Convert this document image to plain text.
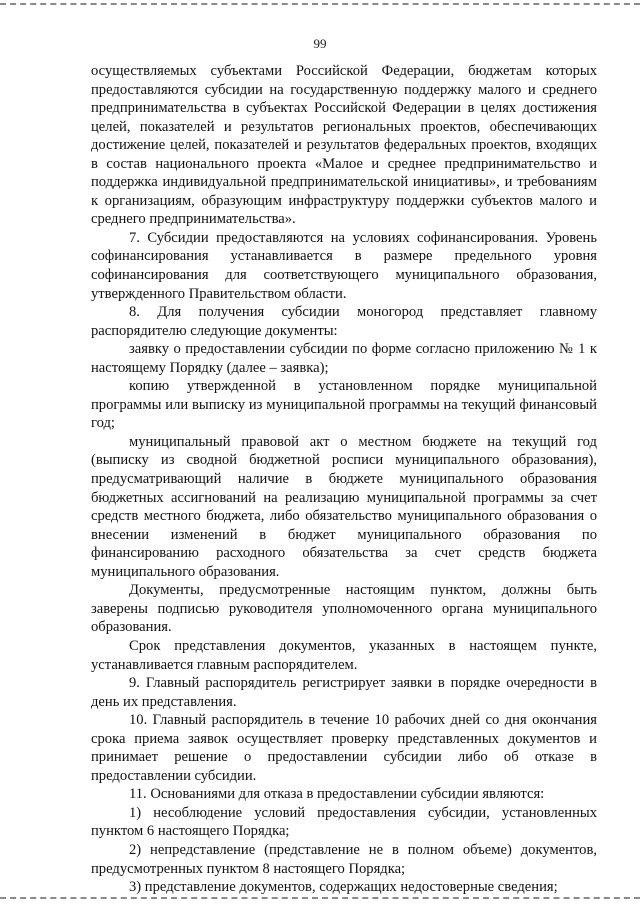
99

осуществляемых субъектами Российской Федерации, бюджетам которых предоставляются субсидии на государственную поддержку малого и среднего предпринимательства в субъектах Российской Федерации в целях достижения целей, показателей и результатов региональных проектов, обеспечивающих достижение целей, показателей и результатов федеральных проектов, входящих в состав национального проекта «Малое и среднее предпринимательство и поддержка индивидуальной предпринимательской инициативы», и требованиям к организациям, образующим инфраструктуру поддержки субъектов малого и среднего предпринимательства».

7. Субсидии предоставляются на условиях софинансирования. Уровень софинансирования устанавливается в размере предельного уровня софинансирования для соответствующего муниципального образования, утвержденного Правительством области.

8. Для получения субсидии моногород представляет главному распорядителю следующие документы:

заявку о предоставлении субсидии по форме согласно приложению № 1 к настоящему Порядку (далее – заявка);

копию утвержденной в установленном порядке муниципальной программы или выписку из муниципальной программы на текущий финансовый год;

муниципальный правовой акт о местном бюджете на текущий год (выписку из сводной бюджетной росписи муниципального образования), предусматривающий наличие в бюджете муниципального образования бюджетных ассигнований на реализацию муниципальной программы за счет средств местного бюджета, либо обязательство муниципального образования о внесении изменений в бюджет муниципального образования по финансированию расходного обязательства за счет средств бюджета муниципального образования.

Документы, предусмотренные настоящим пунктом, должны быть заверены подписью руководителя уполномоченного органа муниципального образования.

Срок представления документов, указанных в настоящем пункте, устанавливается главным распорядителем.

9. Главный распорядитель регистрирует заявки в порядке очередности в день их представления.

10. Главный распорядитель в течение 10 рабочих дней со дня окончания срока приема заявок осуществляет проверку представленных документов и принимает решение о предоставлении субсидии либо об отказе в предоставлении субсидии.

11. Основаниями для отказа в предоставлении субсидии являются:

1) несоблюдение условий предоставления субсидии, установленных пунктом 6 настоящего Порядка;

2) непредставление (представление не в полном объеме) документов, предусмотренных пунктом 8 настоящего Порядка;

3) представление документов, содержащих недостоверные сведения;
